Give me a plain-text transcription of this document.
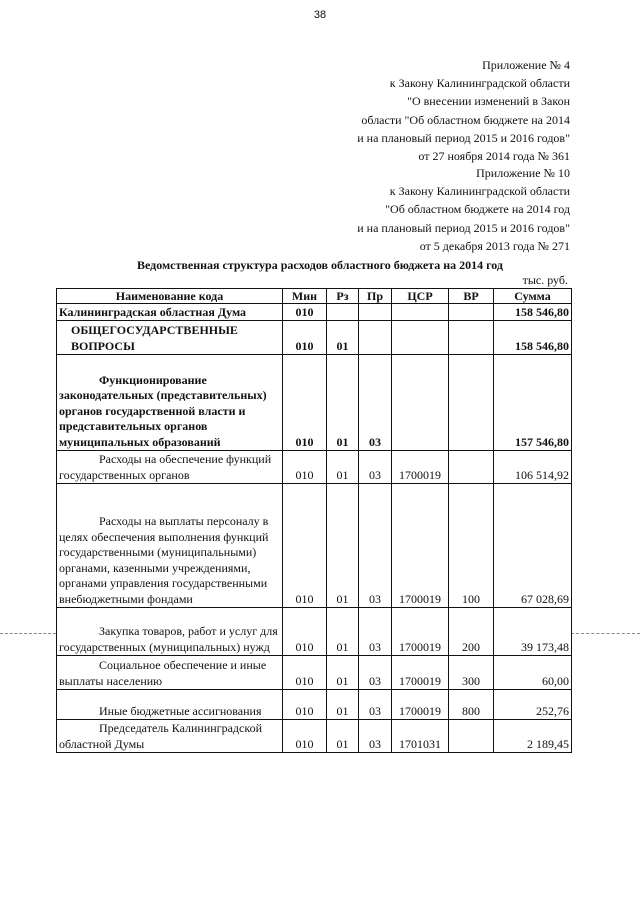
38
Приложение № 4
к Закону Калининградской области
"О внесении изменений в Закон
области "Об областном бюджете на 2014
и на плановый период 2015 и 2016 годов"
от 27 ноября 2014 года № 361
Приложение № 10
к Закону Калининградской области
"Об областном бюджете на 2014 год
и на плановый период 2015 и 2016 годов"
от 5 декабря 2013 года № 271
Ведомственная структура расходов областного бюджета на 2014 год
тыс. руб.
Наименование кода	Мин	Рз	Пр	ЦСР	ВР	Сумма
Калининградская областная Дума	010					158 546,80
ОБЩЕГОСУДАРСТВЕННЫЕ ВОПРОСЫ	010	01				158 546,80
Функционирование законодательных (представительных) органов государственной власти и представительных органов муниципальных образований	010	01	03			157 546,80
Расходы на обеспечение функций государственных органов	010	01	03	1700019		106 514,92
Расходы на выплаты персоналу в целях обеспечения выполнения функций государственными (муниципальными) органами, казенными учреждениями, органами управления государственными внебюджетными фондами	010	01	03	1700019	100	67 028,69
Закупка товаров, работ и услуг для государственных (муниципальных) нужд	010	01	03	1700019	200	39 173,48
Социальное обеспечение и иные выплаты населению	010	01	03	1700019	300	60,00
Иные бюджетные ассигнования	010	01	03	1700019	800	252,76
Председатель Калининградской областной Думы	010	01	03	1701031		2 189,45
